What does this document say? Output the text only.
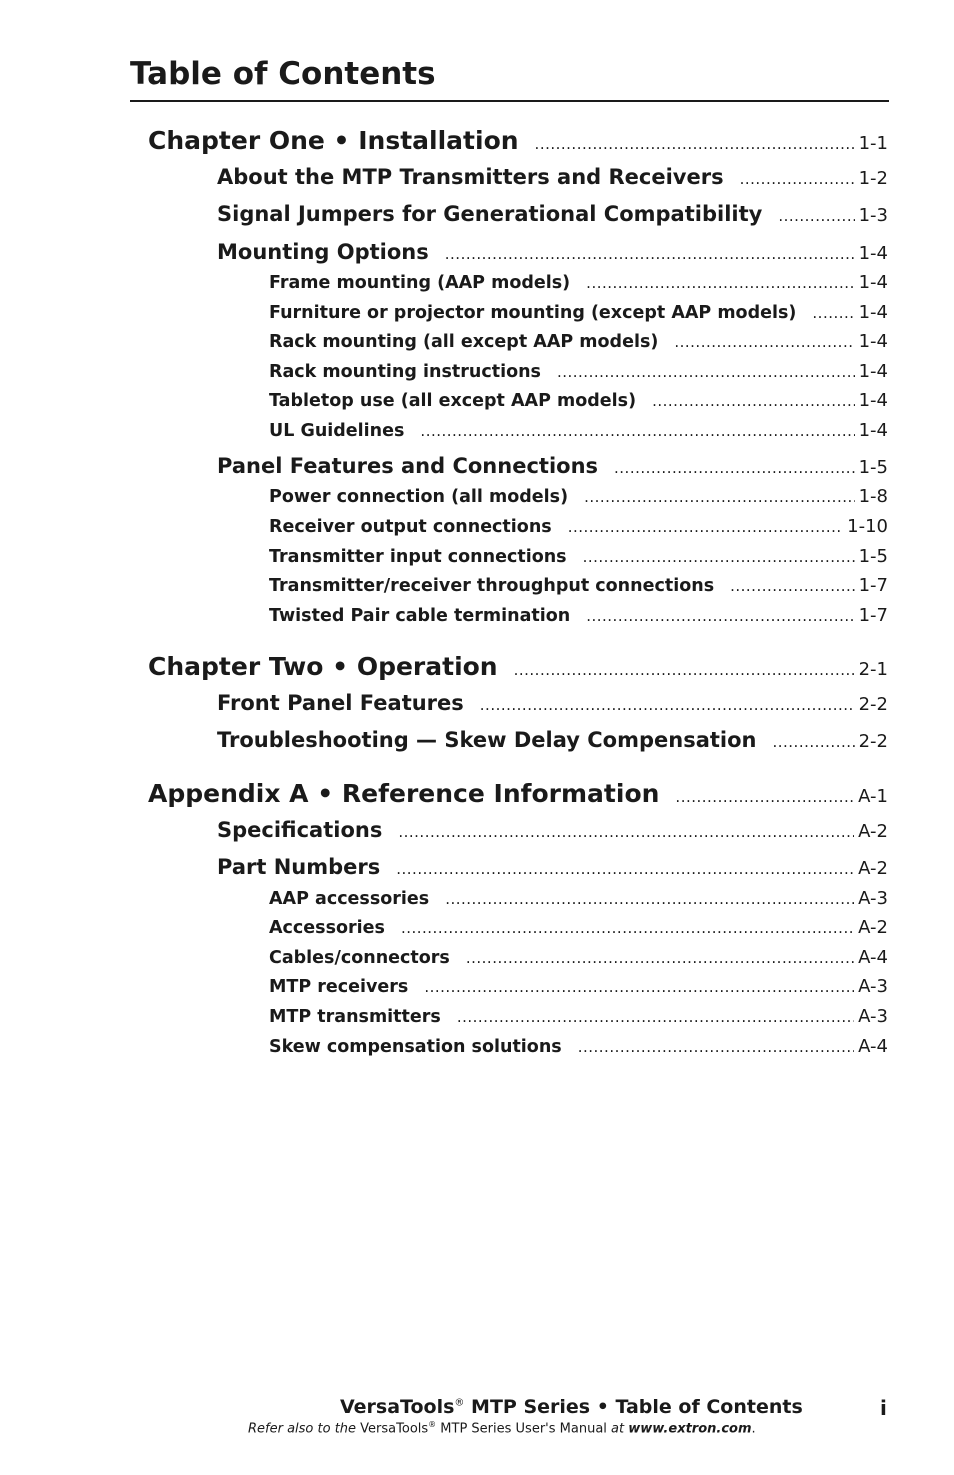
Table of Contents
Chapter One • Installation .....	1-1
About the MTP Transmitters and Receivers .....	1-2
Signal Jumpers for Generational Compatibility .....	1-3
Mounting Options .....	1-4
Frame mounting (AAP models) .....	1-4
Furniture or projector mounting (except AAP models) .....	1-4
Rack mounting (all except AAP models) .....	1-4
Rack mounting instructions .....	1-4
Tabletop use (all except AAP models) .....	1-4
UL Guidelines .....	1-4
Panel Features and Connections .....	1-5
Power connection (all models) .....	1-8
Receiver output connections .....	1-10
Transmitter input connections .....	1-5
Transmitter/receiver throughput connections .....	1-7
Twisted Pair cable termination .....	1-7
Chapter Two • Operation .....	2-1
Front Panel Features .....	2-2
Troubleshooting — Skew Delay Compensation .....	2-2
Appendix A • Reference Information .....	A-1
Specifications .....	A-2
Part Numbers .....	A-2
AAP accessories .....	A-3
Accessories .....	A-2
Cables/connectors .....	A-4
MTP receivers .....	A-3
MTP transmitters .....	A-3
Skew compensation solutions .....	A-4
VersaTools® MTP Series • Table of Contents	i
Refer also to the VersaTools® MTP Series User's Manual at www.extron.com.
